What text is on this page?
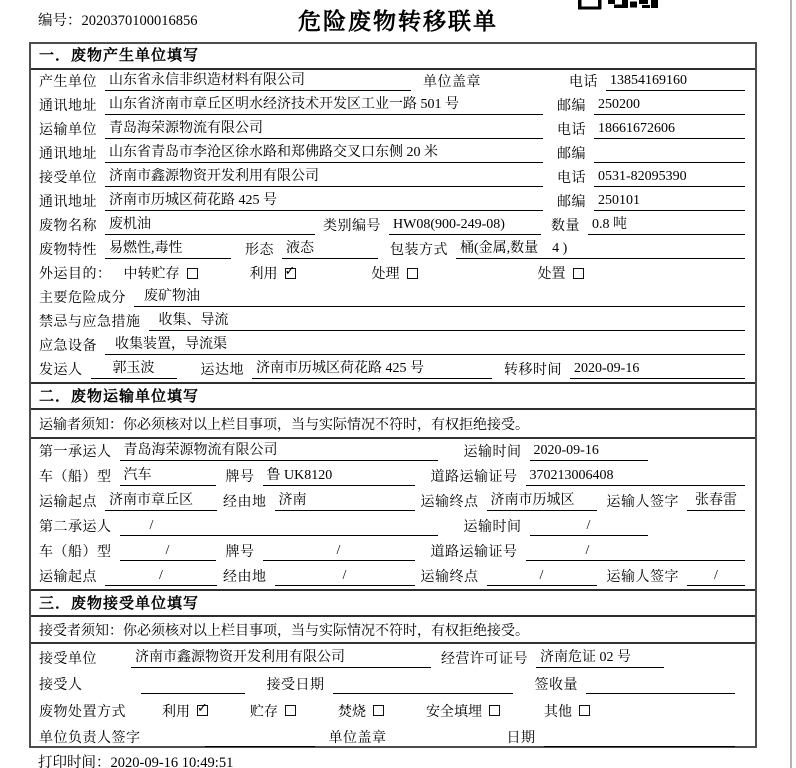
编号：2020370100016856	危险废物转移联单
一．废物产生单位填写
产生单位 山东省永信非织造材料有限公司	单位盖章	电话 13854169160
通讯地址 山东省济南市章丘区明水经济技术开发区工业一路 501 号	邮编 250200
运输单位 青岛海荣源物流有限公司	电话 18661672606
通讯地址 山东省青岛市李沧区徐水路和郑佛路交叉口东侧 20 米	邮编
接受单位 济南市鑫源物资开发利用有限公司	电话 0531-82095390
通讯地址 济南市历城区荷花路 425 号	邮编 250101
废物名称 废机油	类别编号 HW08(900-249-08)	数量 0.8 吨
废物特性 易燃性,毒性	形态 液态	包装方式 桶(金属,数量　4 )
外运目的： 中转贮存	利用 ✓	处理	处置
主要危险成分	废矿物油
禁忌与应急措施	收集、导流
应急设备	收集装置，导流渠
发运人	郭玉波	运达地 济南市历城区荷花路 425 号	转移时间 2020-09-16
二．废物运输单位填写
运输者须知：你必须核对以上栏目事项，当与实际情况不符时，有权拒绝接受。
第一承运人 青岛海荣源物流有限公司	运输时间 2020-09-16
车（船）型 汽车	牌号 鲁 UK8120	道路运输证号 370213006408
运输起点 济南市章丘区	经由地 济南	运输终点 济南市历城区	运输人签字	张春雷
第二承运人	/	运输时间	/
车（船）型	/	牌号	/	道路运输证号	/
运输起点	/	经由地	/	运输终点	/	运输人签字	/
三．废物接受单位填写
接受者须知：你必须核对以上栏目事项，当与实际情况不符时，有权拒绝接受。
接受单位	济南市鑫源物资开发利用有限公司	经营许可证号 济南危证 02 号
接受人	接受日期	签收量
废物处置方式	利用 ✓	贮存	焚烧	安全填埋	其他
单位负责人签字	单位盖章	日期
打印时间：2020-09-16 10:49:51
